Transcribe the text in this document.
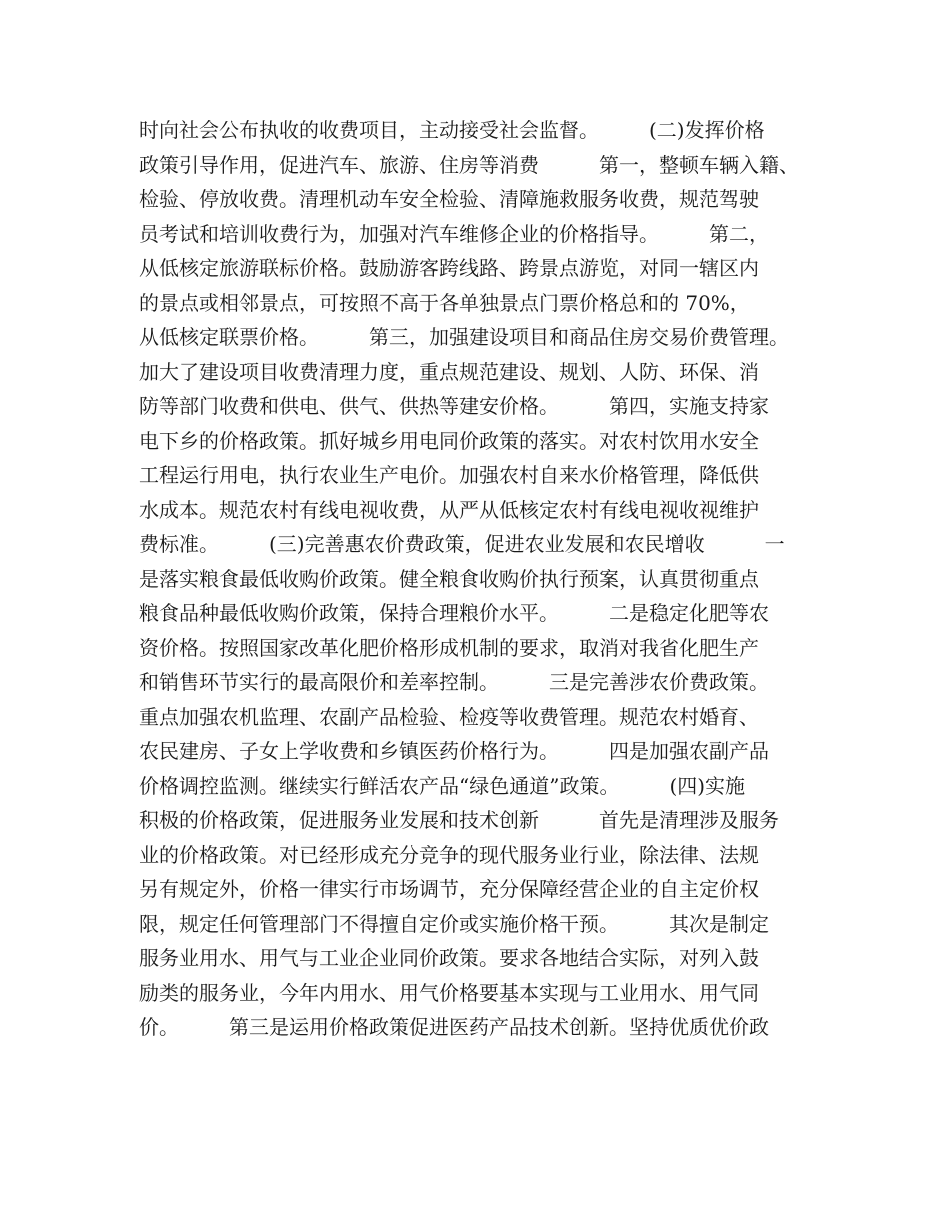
时向社会公布执收的收费项目，主动接受社会监督。　　　(二)发挥价格
政策引导作用，促进汽车、旅游、住房等消费　　　第一，整顿车辆入籍、
检验、停放收费。清理机动车安全检验、清障施救服务收费，规范驾驶
员考试和培训收费行为，加强对汽车维修企业的价格指导。　　　第二，
从低核定旅游联标价格。鼓励游客跨线路、跨景点游览，对同一辖区内
的景点或相邻景点，可按照不高于各单独景点门票价格总和的 70%，
从低核定联票价格。　　　第三，加强建设项目和商品住房交易价费管理。
加大了建设项目收费清理力度，重点规范建设、规划、人防、环保、消
防等部门收费和供电、供气、供热等建安价格。　　　第四，实施支持家
电下乡的价格政策。抓好城乡用电同价政策的落实。对农村饮用水安全
工程运行用电，执行农业生产电价。加强农村自来水价格管理，降低供
水成本。规范农村有线电视收费，从严从低核定农村有线电视收视维护
费标准。　　　(三)完善惠农价费政策，促进农业发展和农民增收　　　一
是落实粮食最低收购价政策。健全粮食收购价执行预案，认真贯彻重点
粮食品种最低收购价政策，保持合理粮价水平。　　　二是稳定化肥等农
资价格。按照国家改革化肥价格形成机制的要求，取消对我省化肥生产
和销售环节实行的最高限价和差率控制。　　　三是完善涉农价费政策。
重点加强农机监理、农副产品检验、检疫等收费管理。规范农村婚育、
农民建房、子女上学收费和乡镇医药价格行为。　　　四是加强农副产品
价格调控监测。继续实行鲜活农产品“绿色通道”政策。　　　(四)实施
积极的价格政策，促进服务业发展和技术创新　　　首先是清理涉及服务
业的价格政策。对已经形成充分竞争的现代服务业行业，除法律、法规
另有规定外，价格一律实行市场调节，充分保障经营企业的自主定价权
限，规定任何管理部门不得擅自定价或实施价格干预。　　　其次是制定
服务业用水、用气与工业企业同价政策。要求各地结合实际，对列入鼓
励类的服务业，今年内用水、用气价格要基本实现与工业用水、用气同
价。　　　第三是运用价格政策促进医药产品技术创新。坚持优质优价政
